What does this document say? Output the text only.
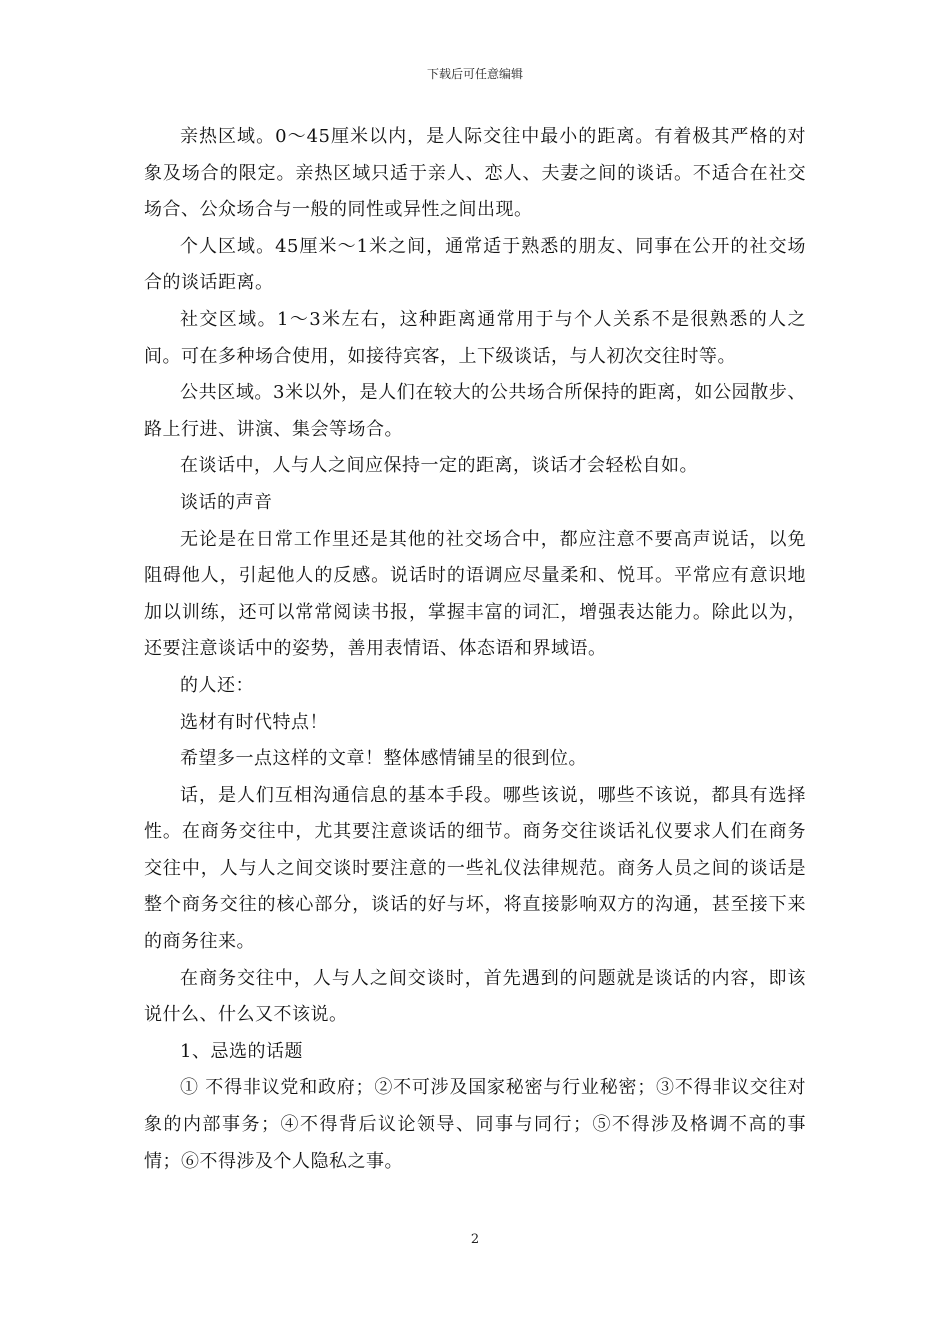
下载后可任意编辑

亲热区域。0～45厘米以内，是人际交往中最小的距离。有着极其严格的对象及场合的限定。亲热区域只适于亲人、恋人、夫妻之间的谈话。不适合在社交场合、公众场合与一般的同性或异性之间出现。

个人区域。45厘米～1米之间，通常适于熟悉的朋友、同事在公开的社交场合的谈话距离。

社交区域。1～3米左右，这种距离通常用于与个人关系不是很熟悉的人之间。可在多种场合使用，如接待宾客，上下级谈话，与人初次交往时等。

公共区域。3米以外，是人们在较大的公共场合所保持的距离，如公园散步、路上行进、讲演、集会等场合。

在谈话中，人与人之间应保持一定的距离，谈话才会轻松自如。

谈话的声音

无论是在日常工作里还是其他的社交场合中，都应注意不要高声说话，以免阻碍他人，引起他人的反感。说话时的语调应尽量柔和、悦耳。平常应有意识地加以训练，还可以常常阅读书报，掌握丰富的词汇，增强表达能力。除此以为，还要注意谈话中的姿势，善用表情语、体态语和界域语。

的人还：

选材有时代特点！

希望多一点这样的文章！整体感情铺呈的很到位。

话，是人们互相沟通信息的基本手段。哪些该说，哪些不该说，都具有选择性。在商务交往中，尤其要注意谈话的细节。商务交往谈话礼仪要求人们在商务交往中，人与人之间交谈时要注意的一些礼仪法律规范。商务人员之间的谈话是整个商务交往的核心部分，谈话的好与坏，将直接影响双方的沟通，甚至接下来的商务往来。

在商务交往中，人与人之间交谈时，首先遇到的问题就是谈话的内容，即该说什么、什么又不该说。

1、忌选的话题

① 不得非议党和政府；②不可涉及国家秘密与行业秘密；③不得非议交往对象的内部事务；④不得背后议论领导、同事与同行；⑤不得涉及格调不高的事情；⑥不得涉及个人隐私之事。

2
